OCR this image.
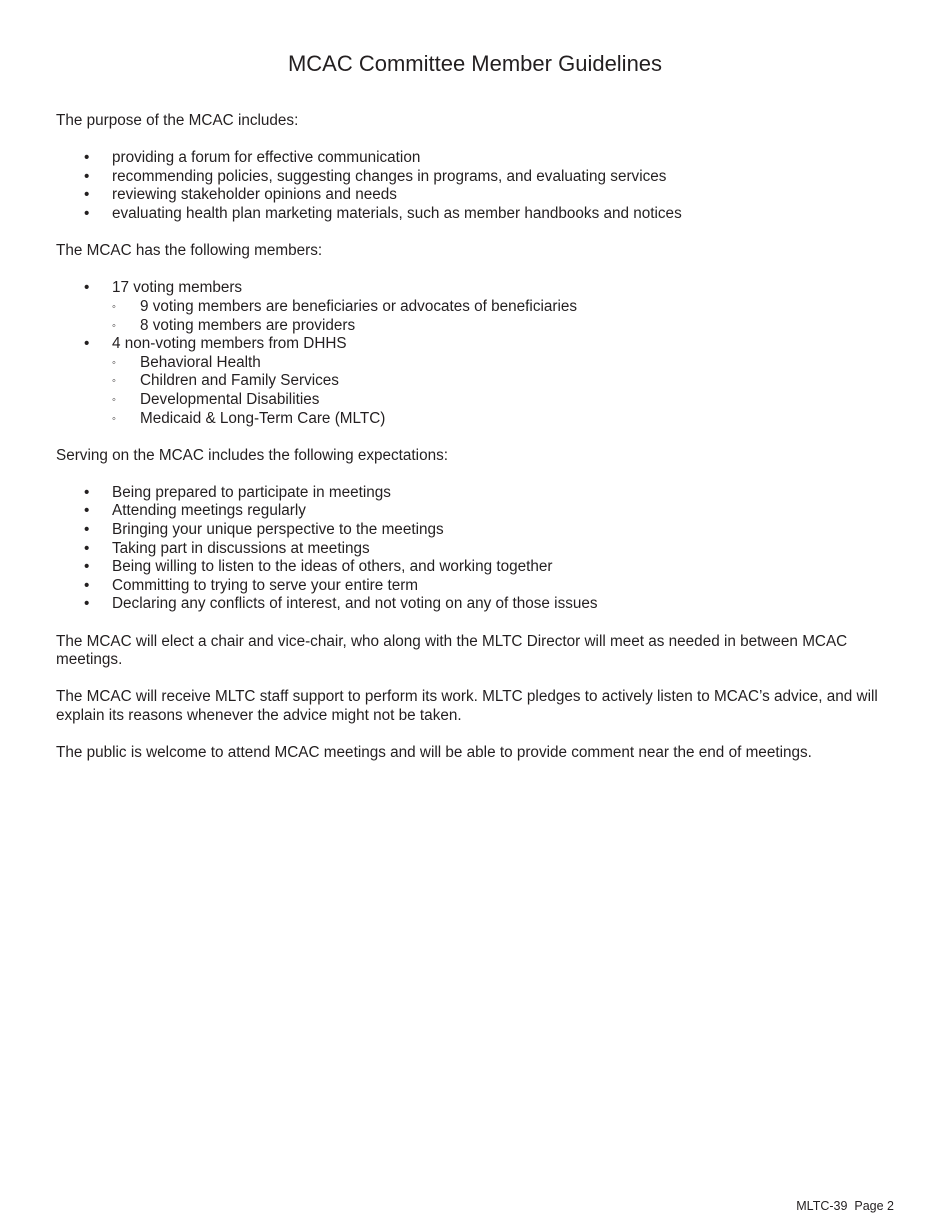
MCAC Committee Member Guidelines

The purpose of the MCAC includes:

• providing a forum for effective communication
• recommending policies, suggesting changes in programs, and evaluating services
• reviewing stakeholder opinions and needs
• evaluating health plan marketing materials, such as member handbooks and notices

The MCAC has the following members:

• 17 voting members
◦ 9 voting members are beneficiaries or advocates of beneficiaries
◦ 8 voting members are providers
• 4 non-voting members from DHHS
◦ Behavioral Health
◦ Children and Family Services
◦ Developmental Disabilities
◦ Medicaid & Long-Term Care (MLTC)

Serving on the MCAC includes the following expectations:

• Being prepared to participate in meetings
• Attending meetings regularly
• Bringing your unique perspective to the meetings
• Taking part in discussions at meetings
• Being willing to listen to the ideas of others, and working together
• Committing to trying to serve your entire term
• Declaring any conflicts of interest, and not voting on any of those issues

The MCAC will elect a chair and vice-chair, who along with the MLTC Director will meet as needed in between MCAC meetings.

The MCAC will receive MLTC staff support to perform its work. MLTC pledges to actively listen to MCAC’s advice, and will explain its reasons whenever the advice might not be taken.

The public is welcome to attend MCAC meetings and will be able to provide comment near the end of meetings.

MLTC-39  Page 2
